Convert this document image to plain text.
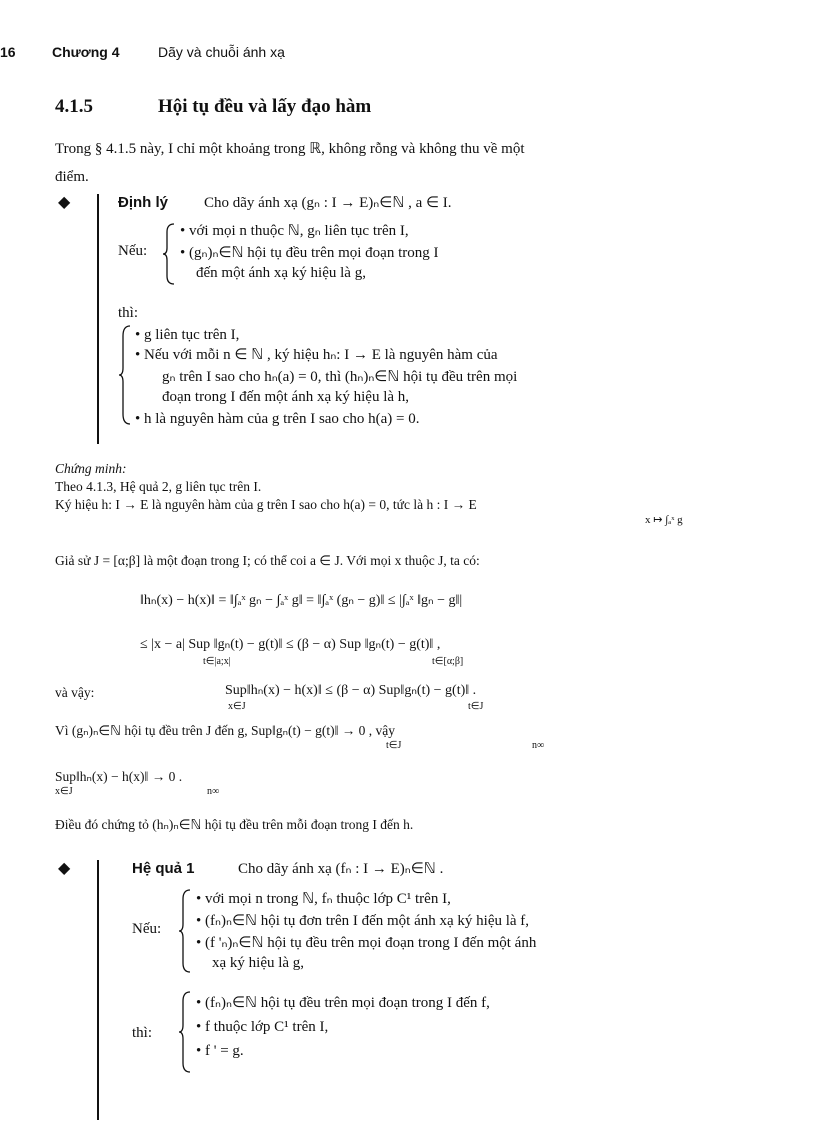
16	Chương 4	Dãy và chuỗi ánh xạ
4.1.5	Hội tụ đều và lấy đạo hàm
Trong § 4.1.5 này, I chỉ một khoảng trong ℝ, không rỗng và không thu về một
điểm.
◆	Định lý Cho dãy ánh xạ (gₙ : I → E)ₙ∈ℕ , a ∈ I.
Nếu:
• với mọi n thuộc ℕ, gₙ liên tục trên I,
• (gₙ)ₙ∈ℕ hội tụ đều trên mọi đoạn trong I
đến một ánh xạ ký hiệu là g,
thì:
• g liên tục trên I,
• Nếu với mỗi n ∈ ℕ , ký hiệu hₙ: I → E là nguyên hàm của
gₙ trên I sao cho hₙ(a) = 0, thì (hₙ)ₙ∈ℕ hội tụ đều trên mọi
đoạn trong I đến một ánh xạ ký hiệu là h,
• h là nguyên hàm của g trên I sao cho h(a) = 0.
Chứng minh:
Theo 4.1.3, Hệ quả 2, g liên tục trên I.
Ký hiệu h: I → E là nguyên hàm của g trên I sao cho h(a) = 0, tức là h : I → E
x ↦ ∫ₐˣ g
Giả sử J = [α;β] là một đoạn trong I; có thể coi a ∈ J. Với mọi x thuộc J, ta có:
‖hₙ(x) − h(x)‖ = ‖∫ₐˣ gₙ − ∫ₐˣ g‖ = ‖∫ₐˣ (gₙ − g)‖ ≤ |∫ₐˣ ‖gₙ − g‖|
≤ |x − a| Sup ‖gₙ(t) − g(t)‖ ≤ (β − α) Sup ‖gₙ(t) − g(t)‖ ,
t∈|a;x|	t∈[α;β]
và vậy:	Sup‖hₙ(x) − h(x)‖ ≤ (β − α) Sup‖gₙ(t) − g(t)‖ .
x∈J	t∈J
Vì (gₙ)ₙ∈ℕ hội tụ đều trên J đến g, Sup‖gₙ(t) − g(t)‖ → 0 , vậy
t∈J	n∞
Sup‖hₙ(x) − h(x)‖ → 0 .
x∈J	n∞
Điều đó chứng tỏ (hₙ)ₙ∈ℕ hội tụ đều trên mỗi đoạn trong I đến h.
◆	Hệ quả 1	Cho dãy ánh xạ (fₙ : I → E)ₙ∈ℕ .
Nếu:
• với mọi n trong ℕ, fₙ thuộc lớp C¹ trên I,
• (fₙ)ₙ∈ℕ hội tụ đơn trên I đến một ánh xạ ký hiệu là f,
• (f 'ₙ)ₙ∈ℕ hội tụ đều trên mọi đoạn trong I đến một ánh
xạ ký hiệu là g,
thì:
• (fₙ)ₙ∈ℕ hội tụ đều trên mọi đoạn trong I đến f,
• f thuộc lớp C¹ trên I,
• f ' = g.
